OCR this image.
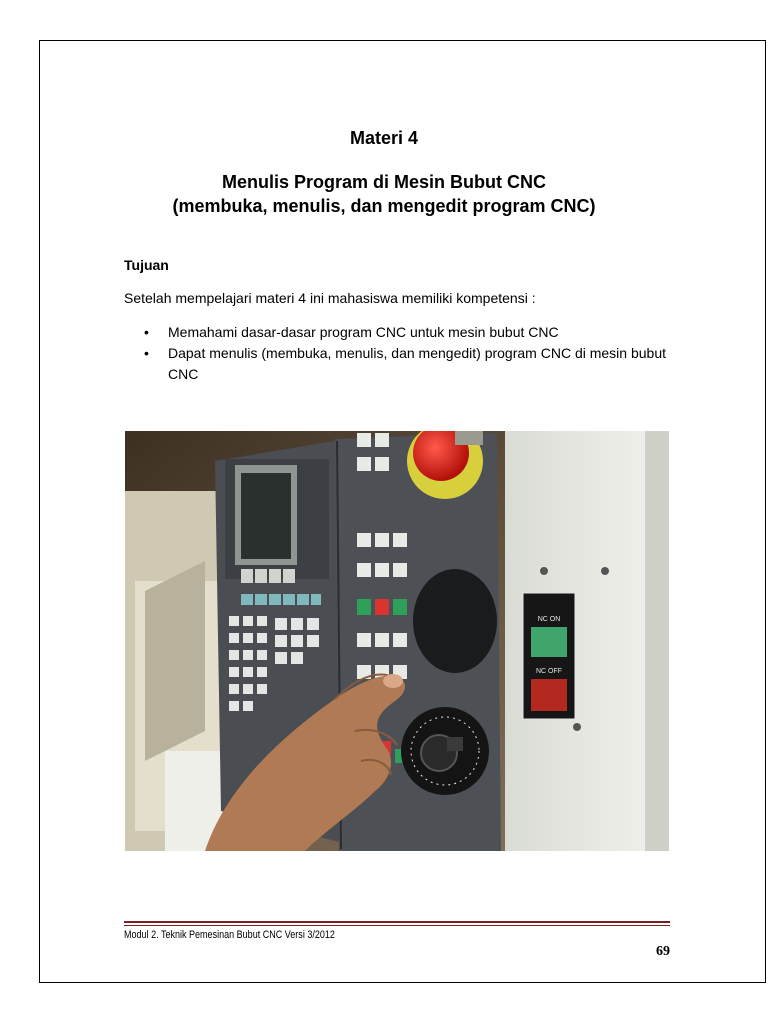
Materi 4
Menulis Program di Mesin Bubut CNC
(membuka, menulis, dan mengedit program CNC)
Tujuan
Setelah mempelajari materi 4 ini mahasiswa memiliki kompetensi :
• Memahami dasar-dasar program CNC untuk mesin bubut CNC
• Dapat menulis (membuka, menulis, dan mengedit) program CNC di mesin bubut CNC
NC ON
NC OFF
Modul 2. Teknik Pemesinan Bubut CNC Versi 3/2012
69
